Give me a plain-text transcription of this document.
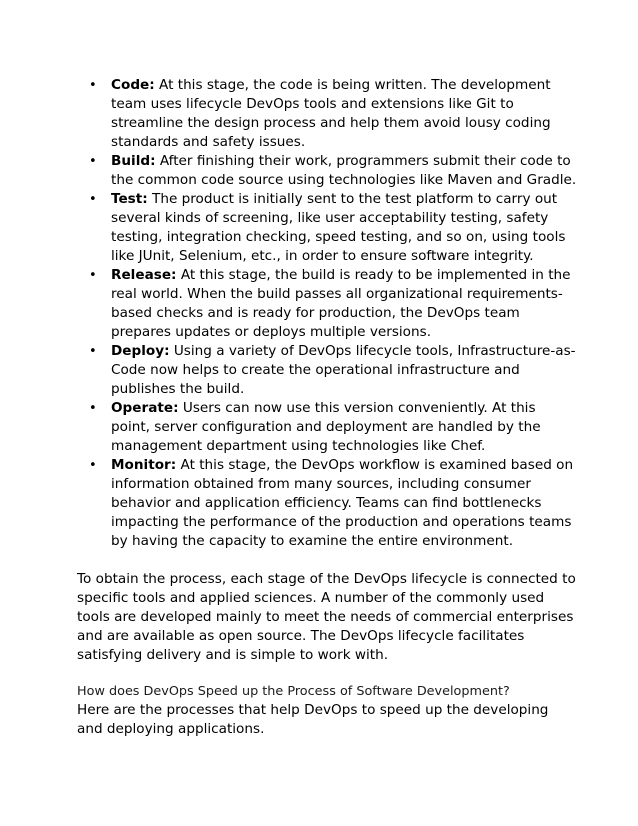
• Code: At this stage, the code is being written. The development team uses lifecycle DevOps tools and extensions like Git to streamline the design process and help them avoid lousy coding standards and safety issues.
• Build: After finishing their work, programmers submit their code to the common code source using technologies like Maven and Gradle.
• Test: The product is initially sent to the test platform to carry out several kinds of screening, like user acceptability testing, safety testing, integration checking, speed testing, and so on, using tools like JUnit, Selenium, etc., in order to ensure software integrity.
• Release: At this stage, the build is ready to be implemented in the real world. When the build passes all organizational requirements-based checks and is ready for production, the DevOps team prepares updates or deploys multiple versions.
• Deploy: Using a variety of DevOps lifecycle tools, Infrastructure-as-Code now helps to create the operational infrastructure and publishes the build.
• Operate: Users can now use this version conveniently. At this point, server configuration and deployment are handled by the management department using technologies like Chef.
• Monitor: At this stage, the DevOps workflow is examined based on information obtained from many sources, including consumer behavior and application efficiency. Teams can find bottlenecks impacting the performance of the production and operations teams by having the capacity to examine the entire environment.

To obtain the process, each stage of the DevOps lifecycle is connected to specific tools and applied sciences. A number of the commonly used tools are developed mainly to meet the needs of commercial enterprises and are available as open source. The DevOps lifecycle facilitates satisfying delivery and is simple to work with.

How does DevOps Speed up the Process of Software Development?

Here are the processes that help DevOps to speed up the developing and deploying applications.
